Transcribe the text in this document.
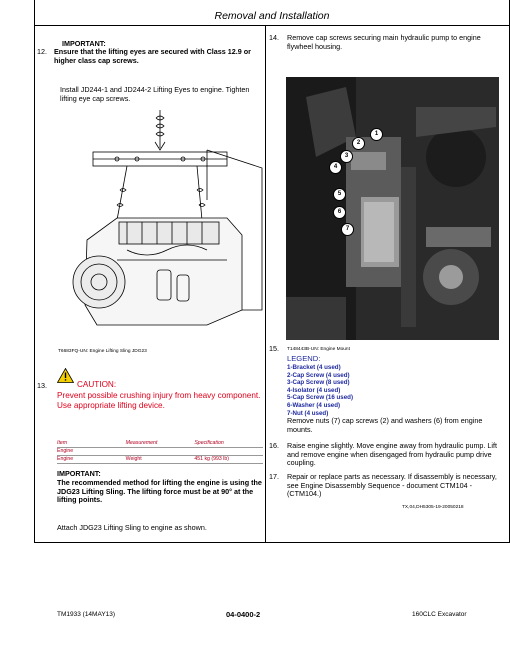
Removal and Installation
12.
IMPORTANT:
Ensure that the lifting eyes are secured with Class 12.9 or higher class cap screws.
Install JD244-1 and JD244-2 Lifting Eyes to engine. Tighten lifting eye cap screws.
T6683FQ-UN: Engine Lifting Sling JDG23
13.	CAUTION:
Prevent possible crushing injury from heavy component. Use appropriate lifting device.
Item	Measurement	Specification
Engine
Engine	Weight	451 kg (993 lb)
IMPORTANT:
The recommended method for lifting the engine is using the JDG23 Lifting Sling. The lifting force must be at 90° at the lifting points.
Attach JDG23 Lifting Sling to engine as shown.
14. Remove cap screws securing main hydraulic pump to engine flywheel housing.
1
2
3
4
5
6
7
15. T148443B-UN: Engine Mount
LEGEND:
1-Bracket (4 used)
2-Cap Screw (4 used)
3-Cap Screw (8 used)
4-Isolator (4 used)
5-Cap Screw (16 used)
6-Washer (4 used)
7-Nut (4 used)
Remove nuts (7) cap screws (2) and washers (6) from engine mounts.
16. Raise engine slightly. Move engine away from hydraulic pump. Lift and remove engine when disengaged from hydraulic pump drive coupling.
17. Repair or replace parts as necessary. If disassembly is necessary, see Engine Disassembly Sequence - document CTM104 - (CTM104.)
TX,04,DH5305-19-20050218
TM1933 (14MAY13)	04-0400-2	160CLC Excavator
